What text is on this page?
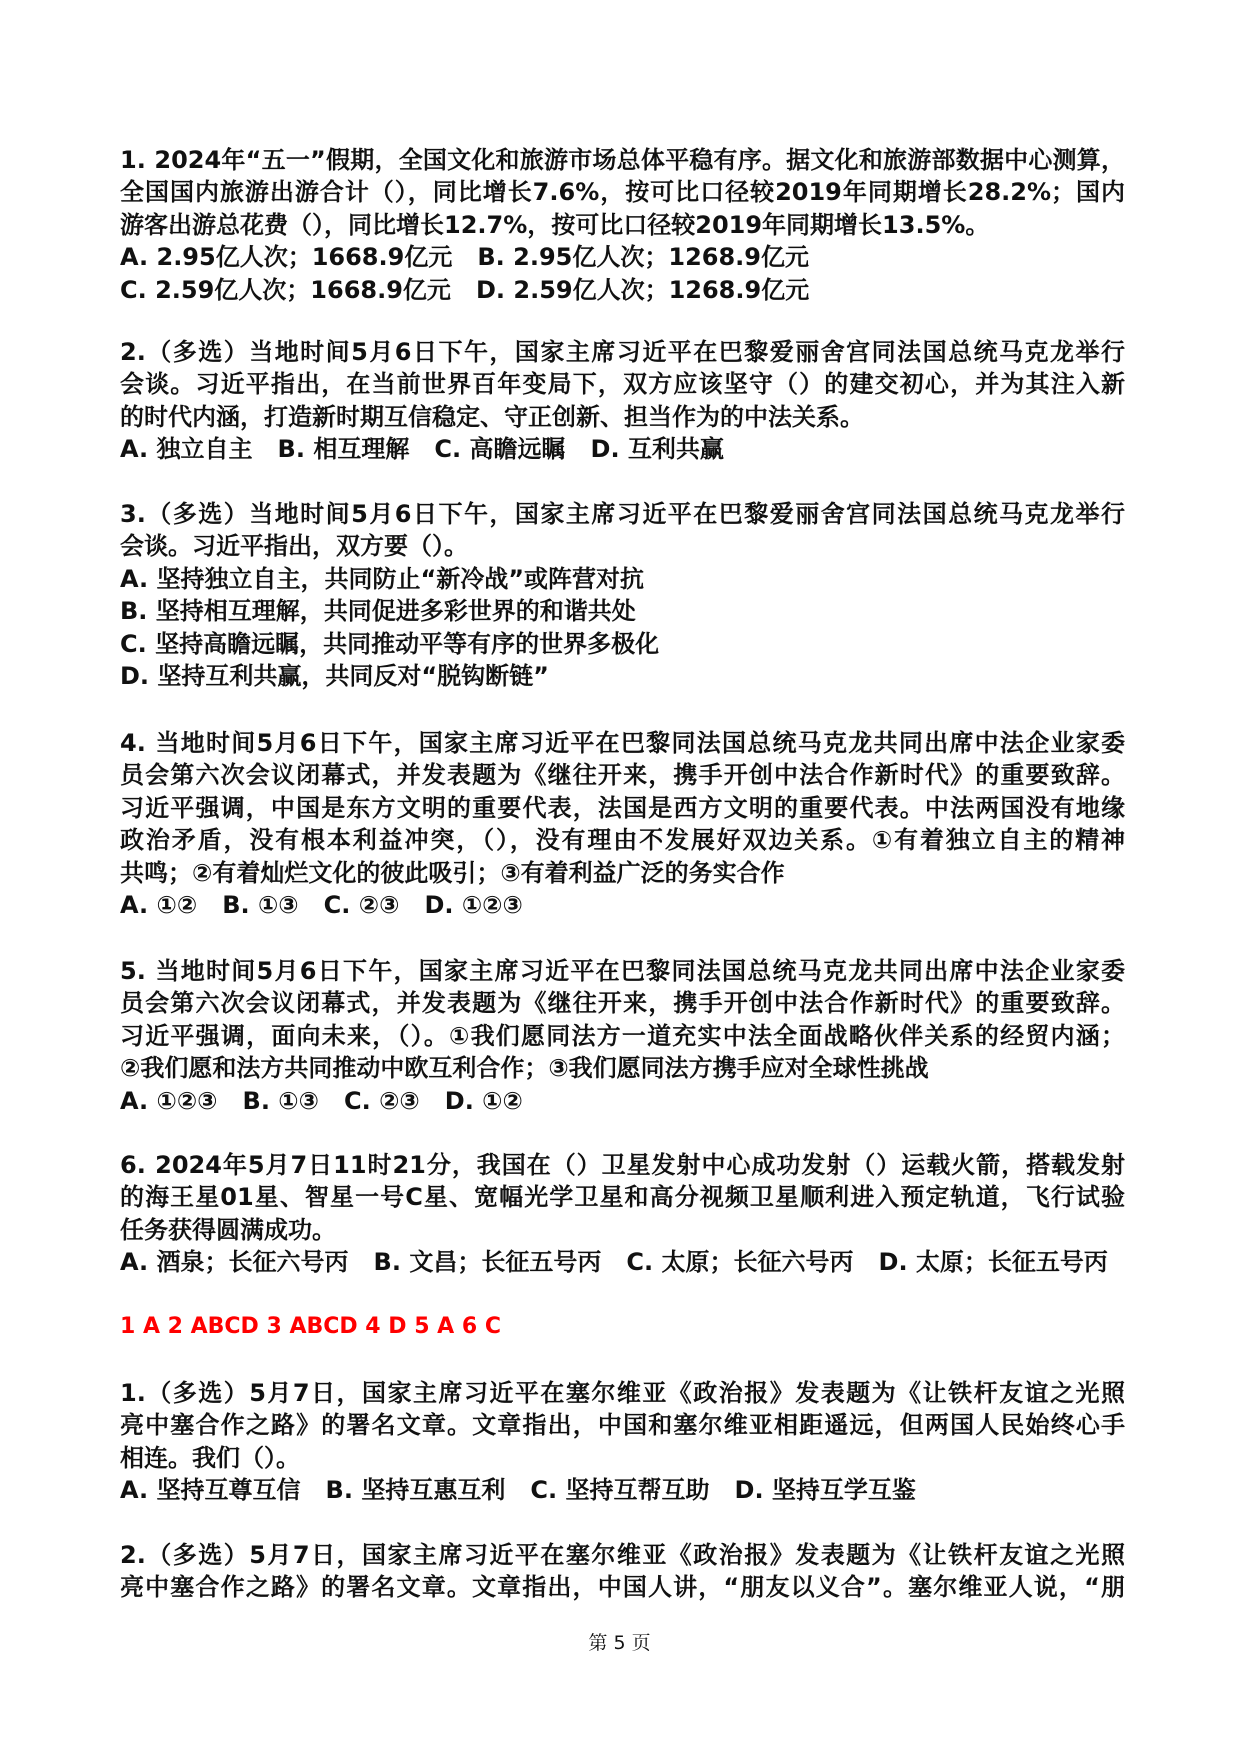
1 A 2 ABCD 3 ABCD 4 D 5 A 6 C
第 5 页
1. 2024年“五一”假期，全国文化和旅游市场总体平稳有序。据文化和旅游部数据中心测算，
全国国内旅游出游合计（），同比增长7.6%，按可比口径较2019年同期增长28.2%；国内
游客出游总花费（），同比增长12.7%，按可比口径较2019年同期增长13.5%。
A. 2.95亿人次；1668.9亿元   B. 2.95亿人次；1268.9亿元
C. 2.59亿人次；1668.9亿元   D. 2.59亿人次；1268.9亿元
2.（多选）当地时间5月6日下午，国家主席习近平在巴黎爱丽舍宫同法国总统马克龙举行
会谈。习近平指出，在当前世界百年变局下，双方应该坚守（）的建交初心，并为其注入新
的时代内涵，打造新时期互信稳定、守正创新、担当作为的中法关系。
A. 独立自主   B. 相互理解   C. 高瞻远瞩   D. 互利共赢
3.（多选）当地时间5月6日下午，国家主席习近平在巴黎爱丽舍宫同法国总统马克龙举行
会谈。习近平指出，双方要（）。
A. 坚持独立自主，共同防止“新冷战”或阵营对抗
B. 坚持相互理解，共同促进多彩世界的和谐共处
C. 坚持高瞻远瞩，共同推动平等有序的世界多极化
D. 坚持互利共赢，共同反对“脱钩断链”
4. 当地时间5月6日下午，国家主席习近平在巴黎同法国总统马克龙共同出席中法企业家委
员会第六次会议闭幕式，并发表题为《继往开来，携手开创中法合作新时代》的重要致辞。
习近平强调，中国是东方文明的重要代表，法国是西方文明的重要代表。中法两国没有地缘
政治矛盾，没有根本利益冲突，（），没有理由不发展好双边关系。①有着独立自主的精神
共鸣；②有着灿烂文化的彼此吸引；③有着利益广泛的务实合作
A. ①②   B. ①③   C. ②③   D. ①②③
5. 当地时间5月6日下午，国家主席习近平在巴黎同法国总统马克龙共同出席中法企业家委
员会第六次会议闭幕式，并发表题为《继往开来，携手开创中法合作新时代》的重要致辞。
习近平强调，面向未来，（）。①我们愿同法方一道充实中法全面战略伙伴关系的经贸内涵；
②我们愿和法方共同推动中欧互利合作；③我们愿同法方携手应对全球性挑战
A. ①②③   B. ①③   C. ②③   D. ①②
6. 2024年5月7日11时21分，我国在（）卫星发射中心成功发射（）运载火箭，搭载发射
的海王星01星、智星一号C星、宽幅光学卫星和高分视频卫星顺利进入预定轨道，飞行试验
任务获得圆满成功。
A. 酒泉；长征六号丙   B. 文昌；长征五号丙   C. 太原；长征六号丙   D. 太原；长征五号丙
1.（多选）5月7日，国家主席习近平在塞尔维亚《政治报》发表题为《让铁杆友谊之光照
亮中塞合作之路》的署名文章。文章指出，中国和塞尔维亚相距遥远，但两国人民始终心手
相连。我们（）。
A. 坚持互尊互信   B. 坚持互惠互利   C. 坚持互帮互助   D. 坚持互学互鉴
2.（多选）5月7日，国家主席习近平在塞尔维亚《政治报》发表题为《让铁杆友谊之光照
亮中塞合作之路》的署名文章。文章指出，中国人讲，“朋友以义合”。塞尔维亚人说，“朋
